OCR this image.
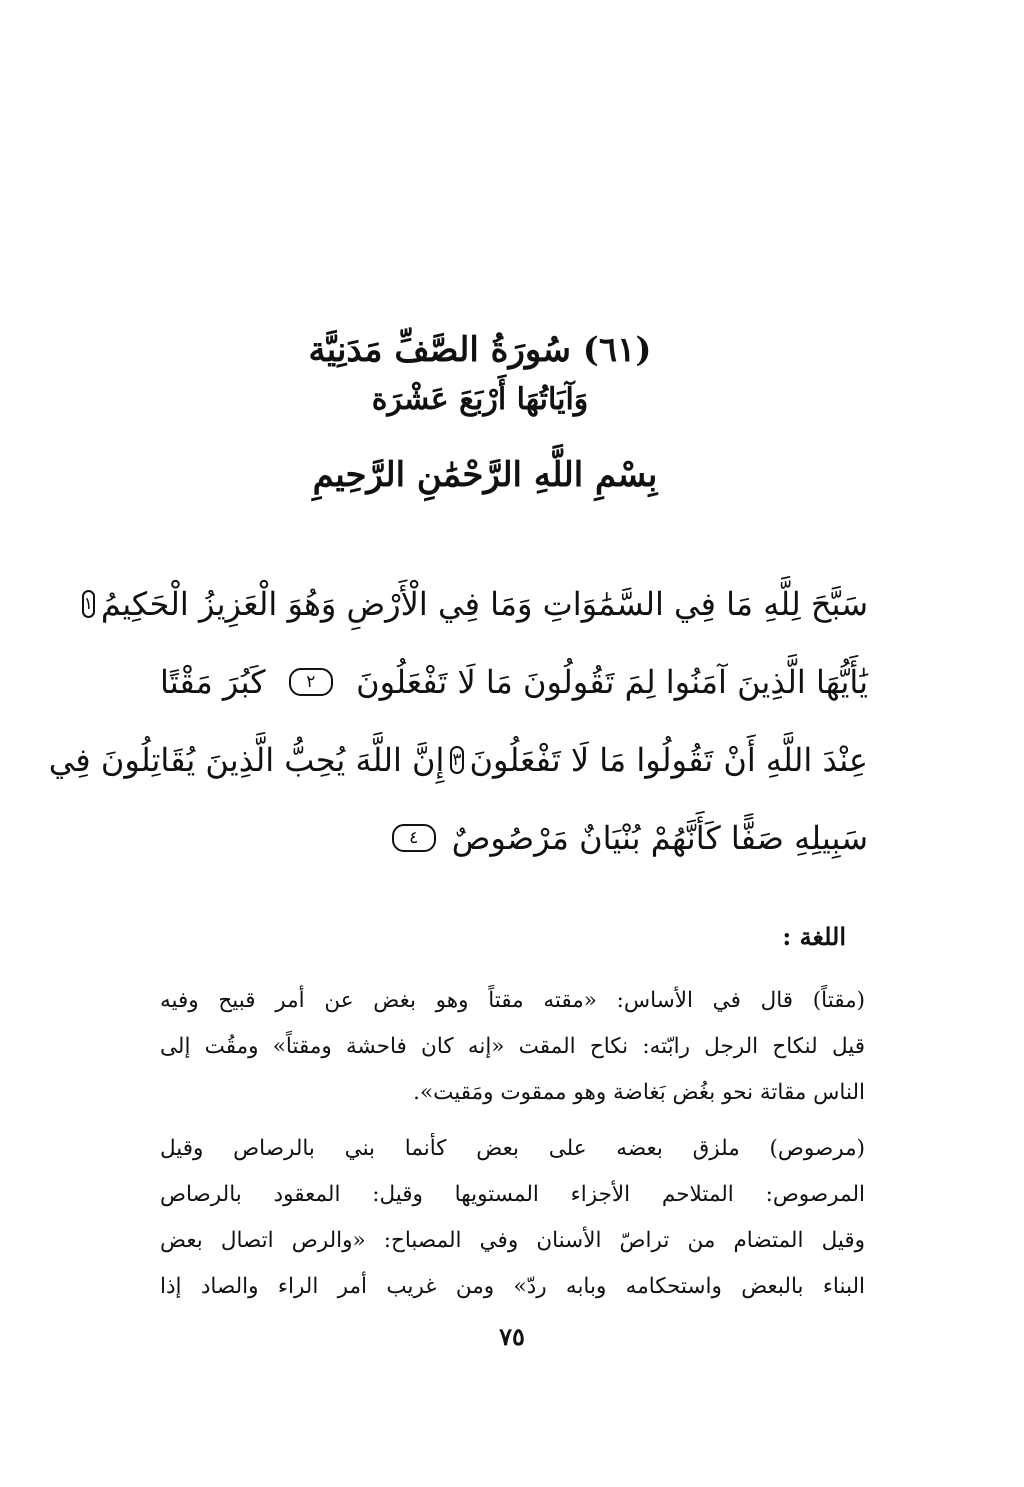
(٦١) سُورَةُ الصَّفِّ مَدَنِيَّة
وَآيَاتُهَا أَرْبَعَ عَشْرَة
بِسْمِ اللَّهِ الرَّحْمَٰنِ الرَّحِيمِ
سَبَّحَ لِلَّهِ مَا فِي السَّمَٰوَاتِ وَمَا فِي الْأَرْضِ وَهُوَ الْعَزِيزُ الْحَكِيمُ
١
يَٰأَيُّهَا الَّذِينَ آمَنُوا لِمَ تَقُولُونَ مَا لَا تَفْعَلُونَ
٢
كَبُرَ مَقْتًا
عِنْدَ اللَّهِ أَنْ تَقُولُوا مَا لَا تَفْعَلُونَ
٣
إِنَّ اللَّهَ يُحِبُّ الَّذِينَ يُقَاتِلُونَ فِي
سَبِيلِهِ صَفًّا كَأَنَّهُمْ بُنْيَانٌ مَرْصُوصٌ
٤
اللغة :
(مقتاً) قال في الأساس: «مقته مقتاً وهو بغض عن أمر قبيح وفيه
قيل لنكاح الرجل رابّته: نكاح المقت «إنه كان فاحشة ومقتاً» ومقُت إلى
الناس مقاتة نحو بغُض بَغاضة وهو ممقوت ومَقيت».
(مرصوص) ملزق بعضه على بعض كأنما بني بالرصاص وقيل
المرصوص: المتلاحم الأجزاء المستويها وقيل: المعقود بالرصاص
وقيل المتضام من تراصّ الأسنان وفي المصباح: «والرص اتصال بعض
البناء بالبعض واستحكامه وبابه ردّ» ومن غريب أمر الراء والصاد إذا
٧٥
